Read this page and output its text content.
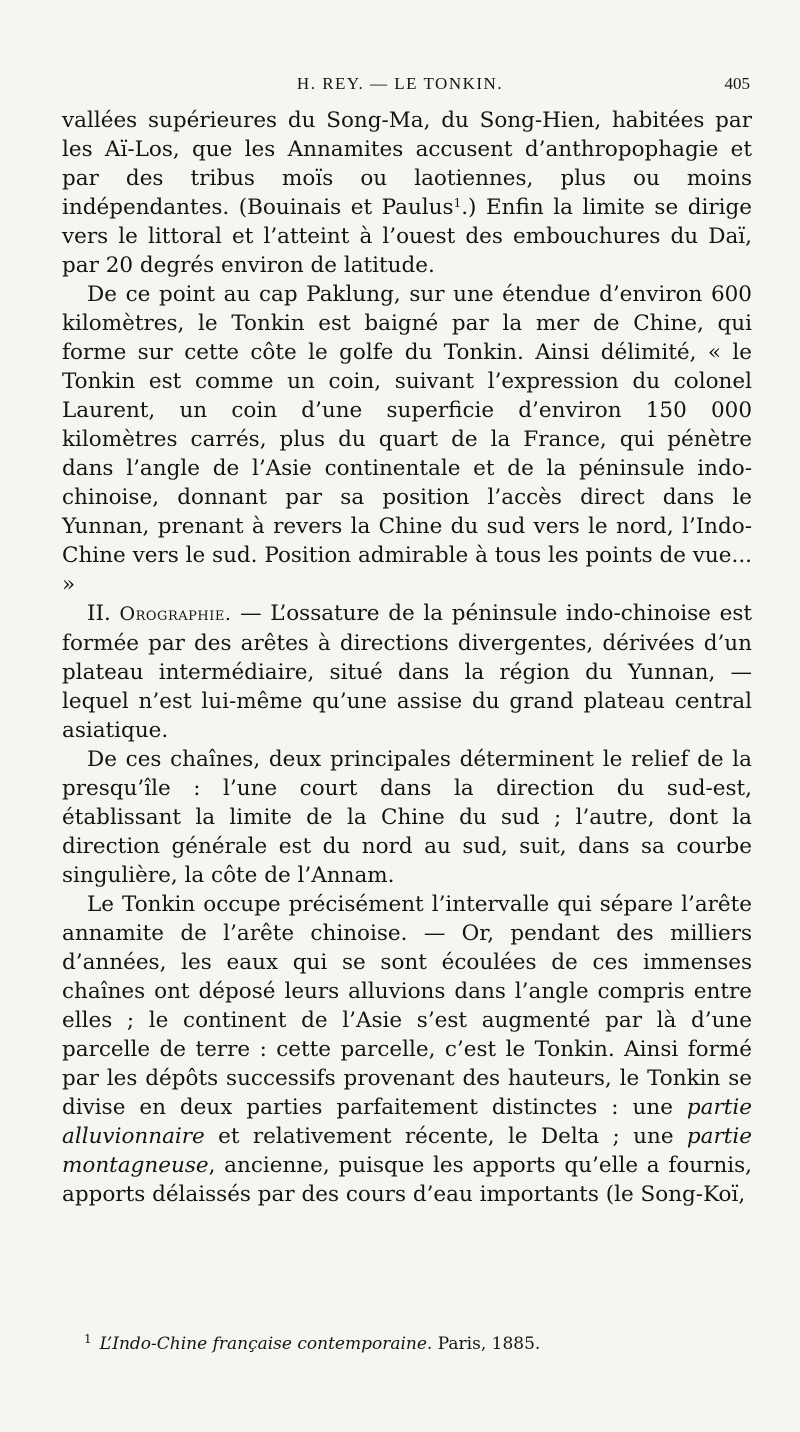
H. REY. — LE TONKIN.	405

vallées supérieures du Song-Ma, du Song-Hien, habitées par les Aï-Los, que les Annamites accusent d’anthropophagie et par des tribus moïs ou laotiennes, plus ou moins indépendantes. (Bouinais et Paulus$^1$.) Enfin la limite se dirige vers le littoral et l’atteint à l’ouest des embouchures du Daï, par 20 degrés environ de latitude.

De ce point au cap Paklung, sur une étendue d’environ 600 kilomètres, le Tonkin est baigné par la mer de Chine, qui forme sur cette côte le golfe du Tonkin. Ainsi délimité, « le Tonkin est comme un coin, suivant l’expression du colonel Laurent, un coin d’une superficie d’environ 150 000 kilomètres carrés, plus du quart de la France, qui pénètre dans l’angle de l’Asie continentale et de la péninsule indo-chinoise, donnant par sa position l’accès direct dans le Yunnan, prenant à revers la Chine du sud vers le nord, l’Indo-Chine vers le sud. Position admirable à tous les points de vue... »

II. Orographie. — L’ossature de la péninsule indo-chinoise est formée par des arêtes à directions divergentes, dérivées d’un plateau intermédiaire, situé dans la région du Yunnan, — lequel n’est lui-même qu’une assise du grand plateau central asiatique.

De ces chaînes, deux principales déterminent le relief de la presqu’île : l’une court dans la direction du sud-est, établissant la limite de la Chine du sud ; l’autre, dont la direction générale est du nord au sud, suit, dans sa courbe singulière, la côte de l’Annam.

Le Tonkin occupe précisément l’intervalle qui sépare l’arête annamite de l’arête chinoise. — Or, pendant des milliers d’années, les eaux qui se sont écoulées de ces immenses chaînes ont déposé leurs alluvions dans l’angle compris entre elles ; le continent de l’Asie s’est augmenté par là d’une parcelle de terre : cette parcelle, c’est le Tonkin. Ainsi formé par les dépôts successifs provenant des hauteurs, le Tonkin se divise en deux parties parfaitement distinctes : une partie alluvionnaire et relativement récente, le Delta ; une partie montagneuse, ancienne, puisque les apports qu’elle a fournis, apports délaissés par des cours d’eau importants (le Song-Koï,

$^1$ L’Indo-Chine française contemporaine. Paris, 1885.
